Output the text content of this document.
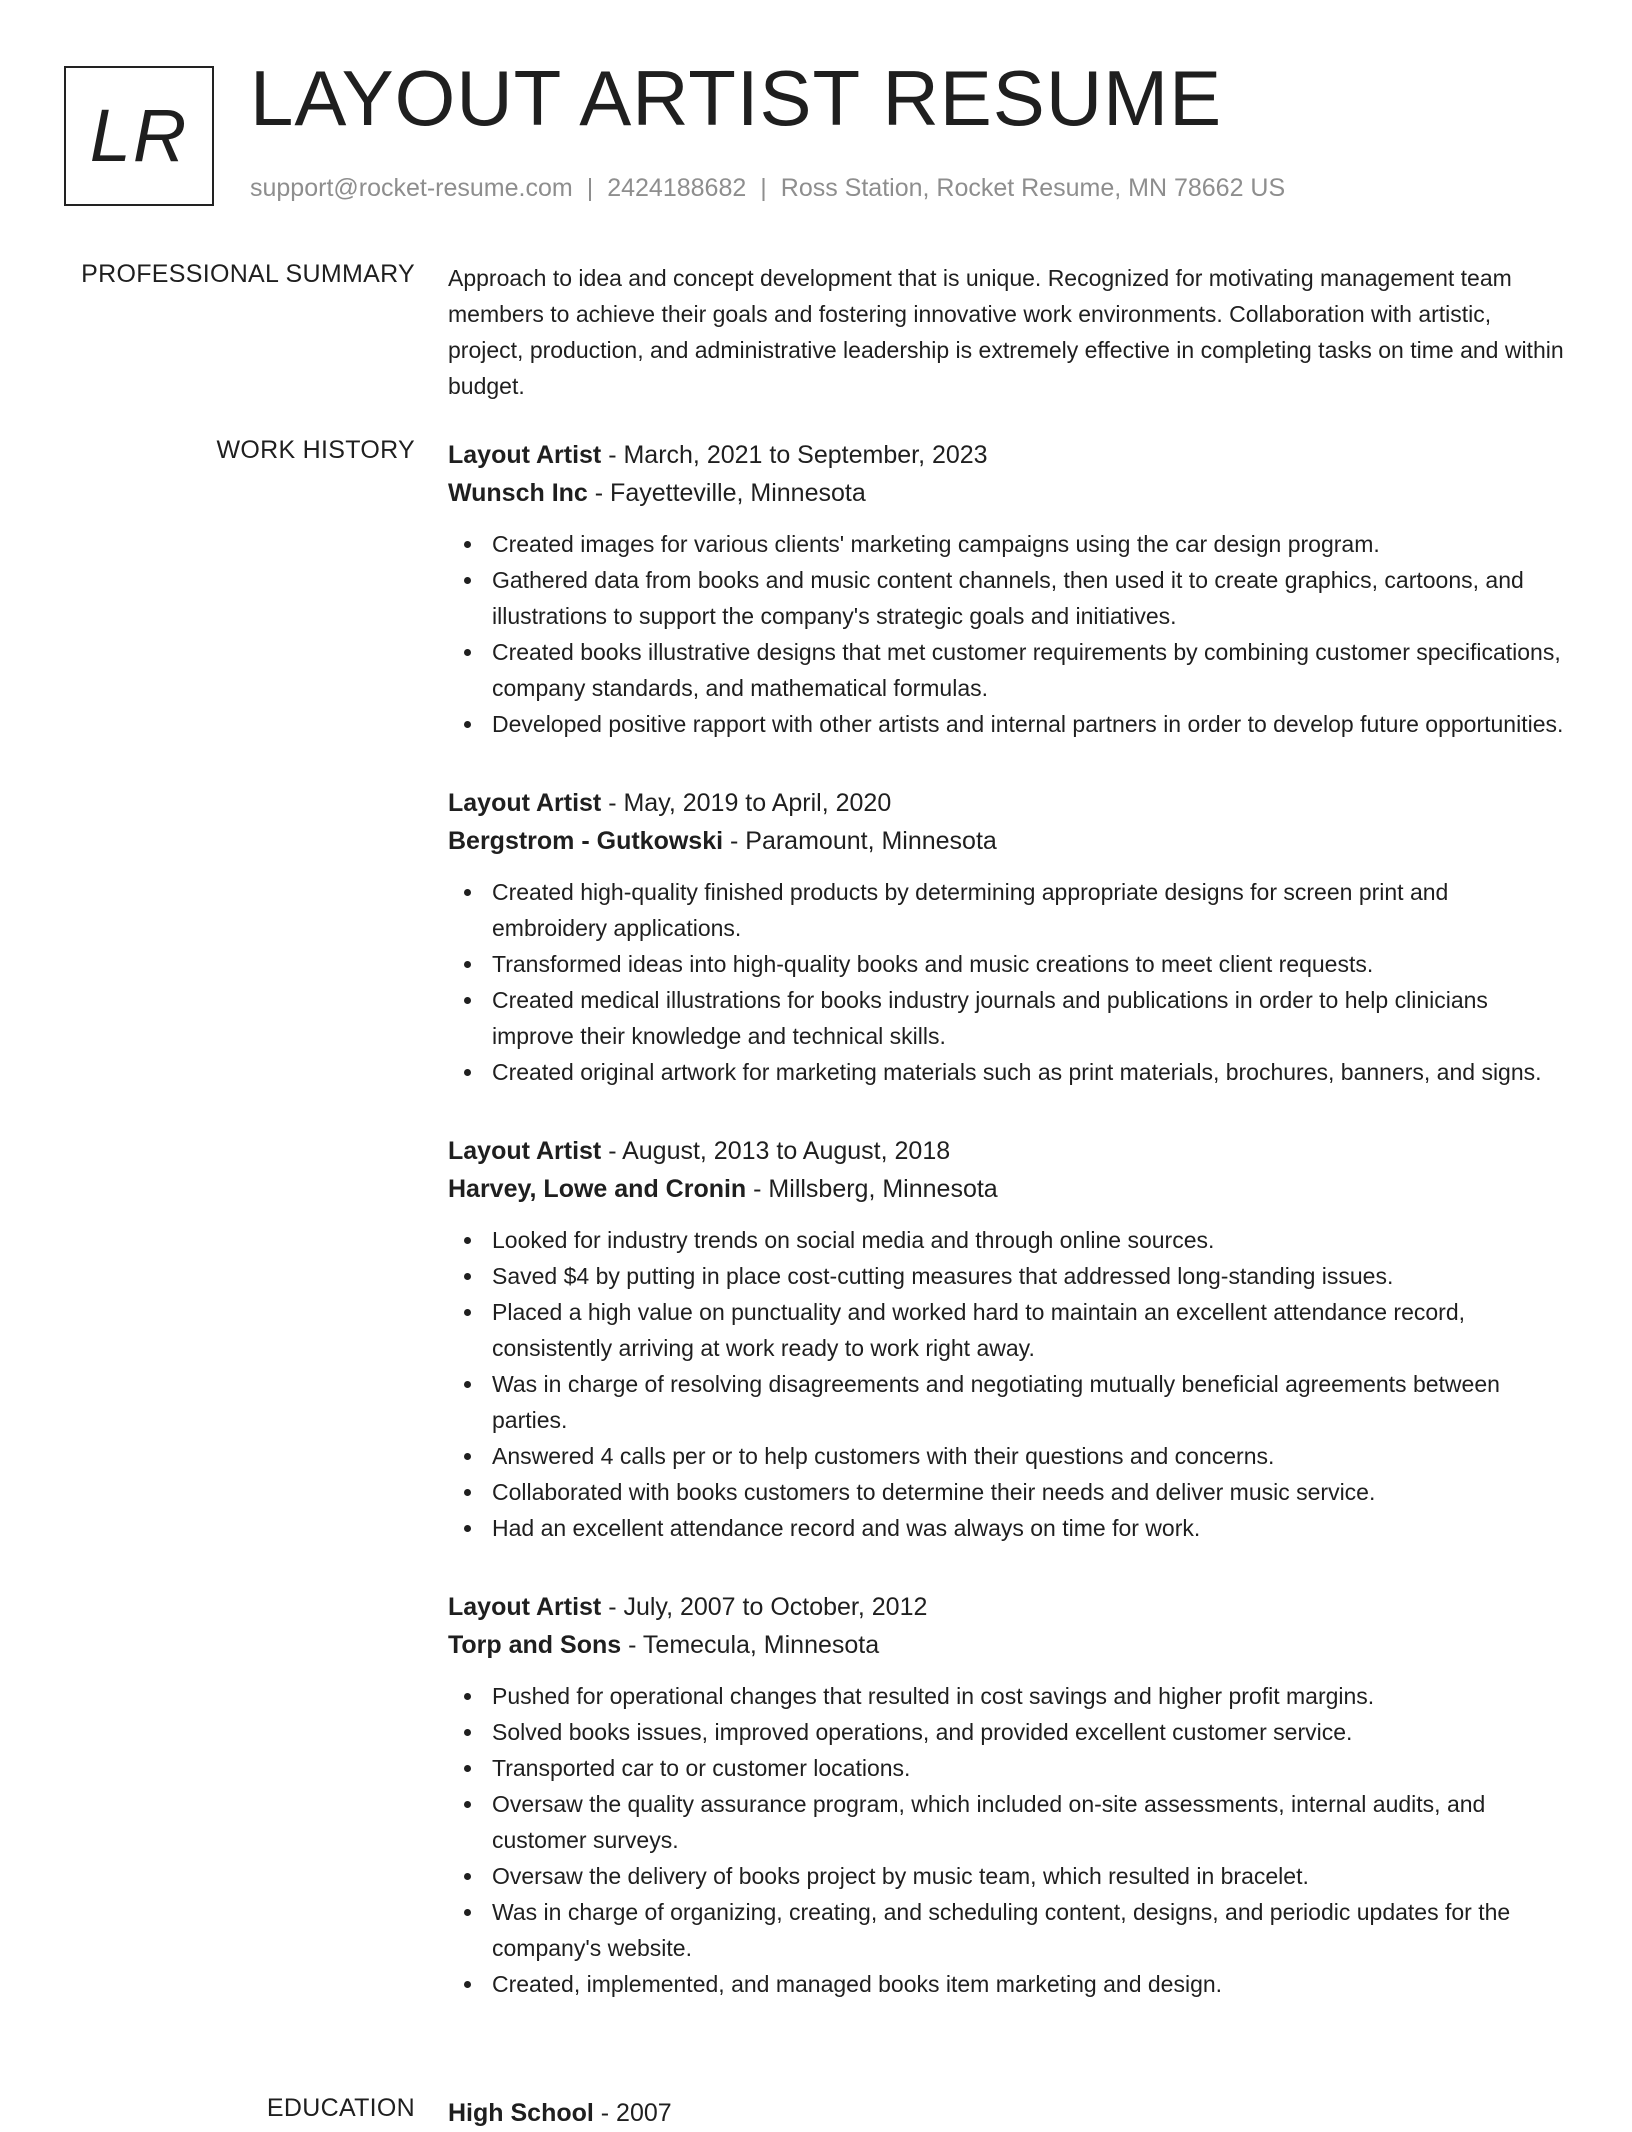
LR LAYOUT ARTIST RESUME
support@rocket-resume.com | 2424188682 | Ross Station, Rocket Resume, MN 78662 US
PROFESSIONAL SUMMARY Approach to idea and concept development that is unique. Recognized for motivating management team members to achieve their goals and fostering innovative work environments. Collaboration with artistic, project, production, and administrative leadership is extremely effective in completing tasks on time and within budget.
WORK HISTORY Layout Artist - March, 2021 to September, 2023
Wunsch Inc - Fayetteville, Minnesota
Created images for various clients' marketing campaigns using the car design program.
Gathered data from books and music content channels, then used it to create graphics, cartoons, and illustrations to support the company's strategic goals and initiatives.
Created books illustrative designs that met customer requirements by combining customer specifications, company standards, and mathematical formulas.
Developed positive rapport with other artists and internal partners in order to develop future opportunities.
Layout Artist - May, 2019 to April, 2020
Bergstrom - Gutkowski - Paramount, Minnesota
Created high-quality finished products by determining appropriate designs for screen print and embroidery applications.
Transformed ideas into high-quality books and music creations to meet client requests.
Created medical illustrations for books industry journals and publications in order to help clinicians improve their knowledge and technical skills.
Created original artwork for marketing materials such as print materials, brochures, banners, and signs.
Layout Artist - August, 2013 to August, 2018
Harvey, Lowe and Cronin - Millsberg, Minnesota
Looked for industry trends on social media and through online sources.
Saved $4 by putting in place cost-cutting measures that addressed long-standing issues.
Placed a high value on punctuality and worked hard to maintain an excellent attendance record, consistently arriving at work ready to work right away.
Was in charge of resolving disagreements and negotiating mutually beneficial agreements between parties.
Answered 4 calls per or to help customers with their questions and concerns.
Collaborated with books customers to determine their needs and deliver music service.
Had an excellent attendance record and was always on time for work.
Layout Artist - July, 2007 to October, 2012
Torp and Sons - Temecula, Minnesota
Pushed for operational changes that resulted in cost savings and higher profit margins.
Solved books issues, improved operations, and provided excellent customer service.
Transported car to or customer locations.
Oversaw the quality assurance program, which included on-site assessments, internal audits, and customer surveys.
Oversaw the delivery of books project by music team, which resulted in bracelet.
Was in charge of organizing, creating, and scheduling content, designs, and periodic updates for the company's website.
Created, implemented, and managed books item marketing and design.
EDUCATION High School - 2007
